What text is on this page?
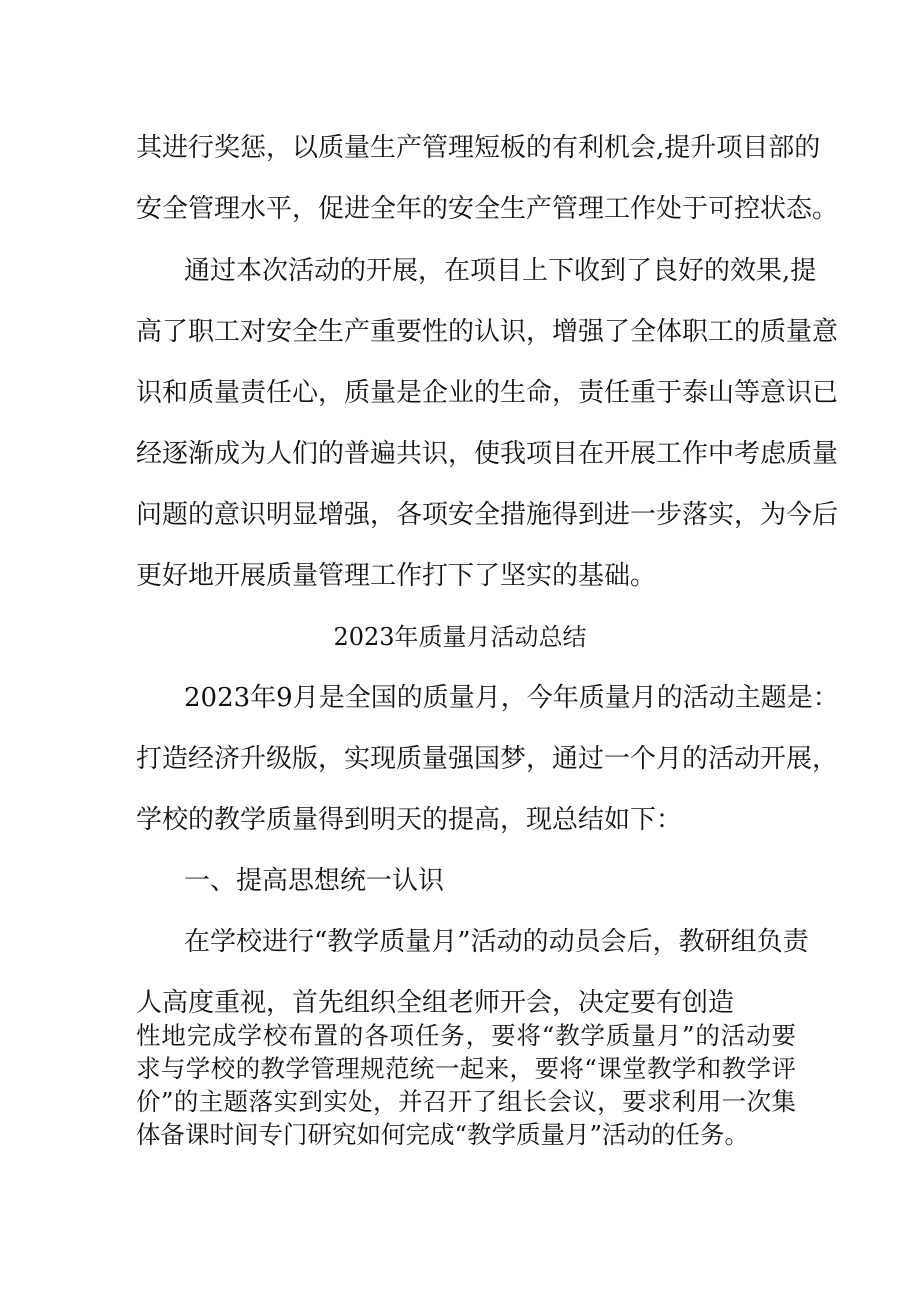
其进行奖惩，以质量生产管理短板的有利机会,提升项目部的
安全管理水平，促进全年的安全生产管理工作处于可控状态。
通过本次活动的开展，在项目上下收到了良好的效果,提
高了职工对安全生产重要性的认识，增强了全体职工的质量意
识和质量责任心，质量是企业的生命，责任重于泰山等意识已
经逐渐成为人们的普遍共识，使我项目在开展工作中考虑质量
问题的意识明显增强，各项安全措施得到进一步落实，为今后
更好地开展质量管理工作打下了坚实的基础。
2023年质量月活动总结
2023年9月是全国的质量月，今年质量月的活动主题是：
打造经济升级版，实现质量强国梦，通过一个月的活动开展，
学校的教学质量得到明天的提高，现总结如下：
一、提高思想统一认识
在学校进行“教学质量月”活动的动员会后，教研组负责
人高度重视，首先组织全组老师开会，决定要有创造
性地完成学校布置的各项任务，要将“教学质量月”的活动要
求与学校的教学管理规范统一起来，要将“课堂教学和教学评
价”的主题落实到实处，并召开了组长会议，要求利用一次集
体备课时间专门研究如何完成“教学质量月”活动的任务。
